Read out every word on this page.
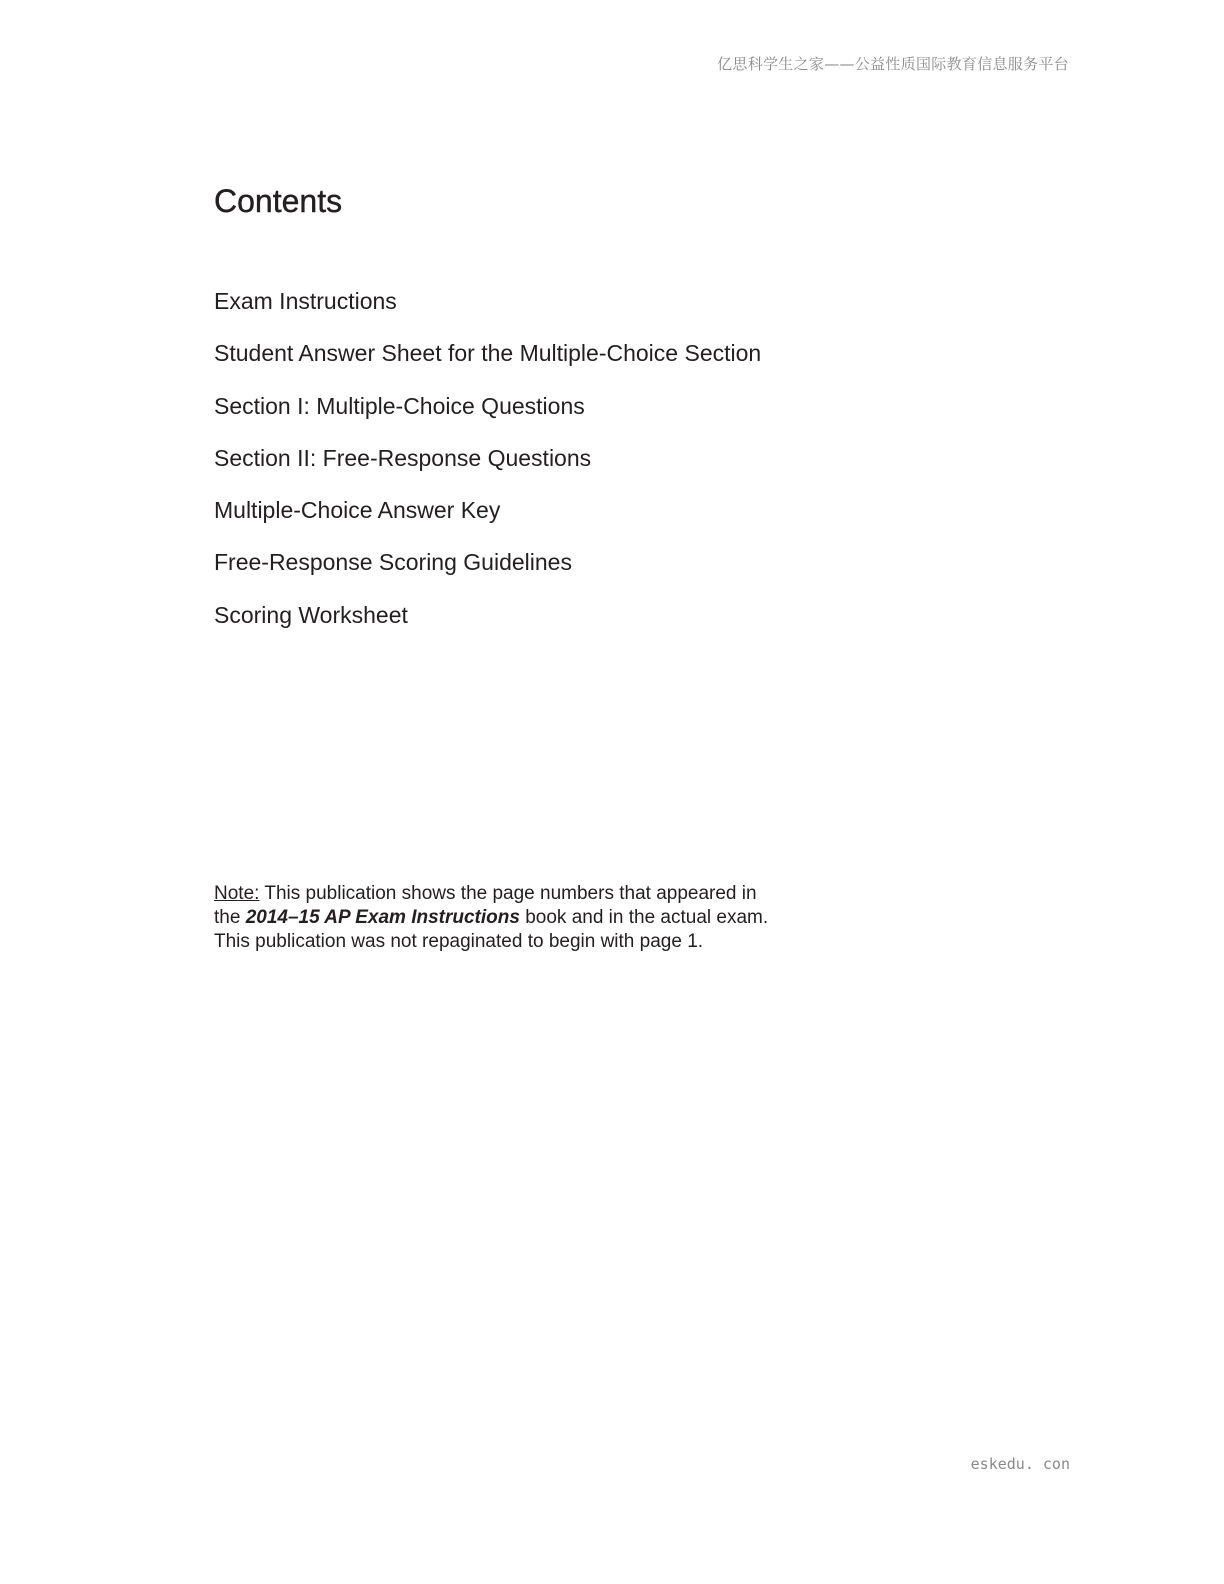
亿思科学生之家——公益性质国际教育信息服务平台
Contents
Exam Instructions
Student Answer Sheet for the Multiple-Choice Section
Section I: Multiple-Choice Questions
Section II: Free-Response Questions
Multiple-Choice Answer Key
Free-Response Scoring Guidelines
Scoring Worksheet
Note: This publication shows the page numbers that appeared in
the 2014–15 AP Exam Instructions book and in the actual exam.
This publication was not repaginated to begin with page 1.
eskedu. con
